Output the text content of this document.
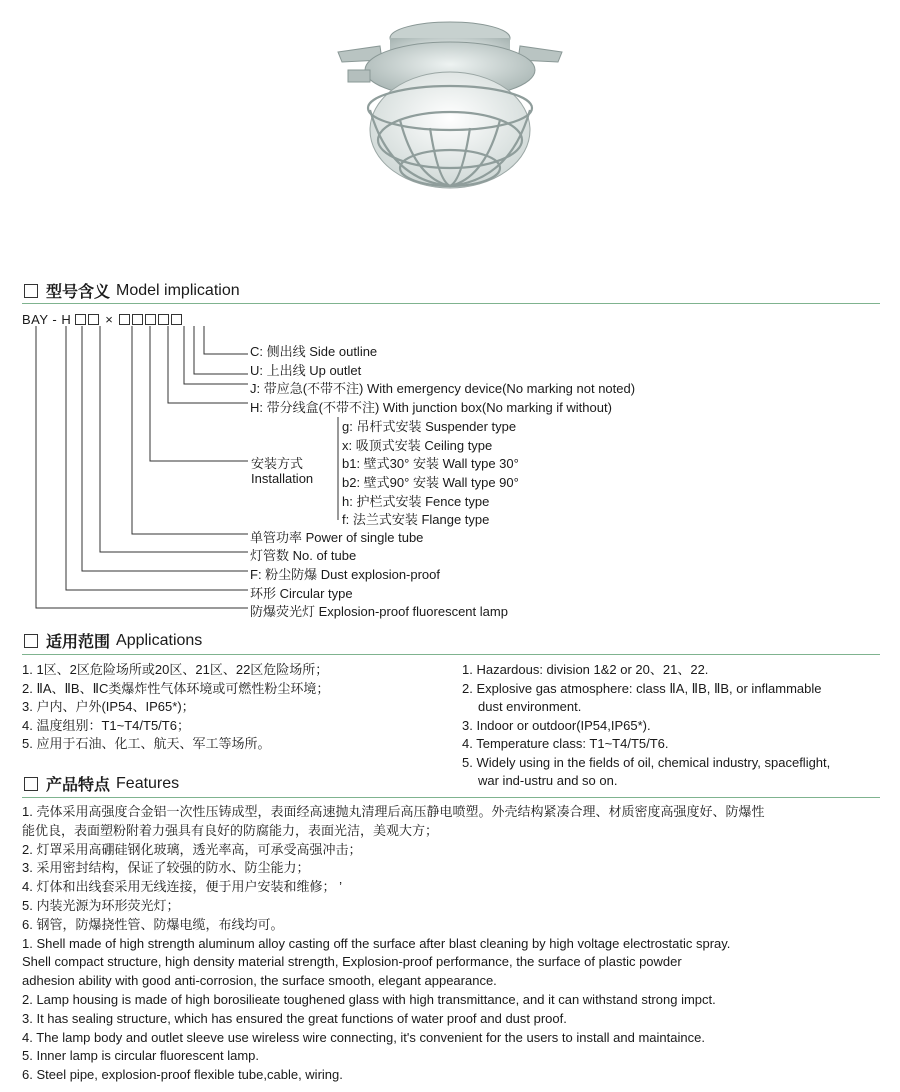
型号含义 Model implication
BAY - H	×
C: 侧出线 Side outline
U: 上出线 Up outlet
J: 带应急(不带不注) With emergency device(No marking not noted)
H: 带分线盒(不带不注) With junction box(No marking if without)
安装方式
Installation
g: 吊杆式安装 Suspender type
x: 吸顶式安装 Ceiling type
b1: 壁式30° 安装 Wall type 30°
b2: 壁式90° 安装 Wall type 90°
h: 护栏式安装 Fence type
f: 法兰式安装 Flange type
单管功率 Power of single tube
灯管数 No. of tube
F: 粉尘防爆 Dust explosion-proof
环形 Circular type
防爆荧光灯 Explosion-proof fluorescent lamp
适用范围 Applications
1. 1区、2区危险场所或20区、21区、22区危险场所；
2. ⅡA、ⅡB、ⅡC类爆炸性气体环境或可燃性粉尘环境；
3. 户内、户外(IP54、IP65*)；
4. 温度组别：T1~T4/T5/T6；
5. 应用于石油、化工、航天、军工等场所。
1. Hazardous: division 1&2 or 20、21、22.
2. Explosive gas atmosphere: class ⅡA, ⅡB, ⅡB, or inflammable
dust environment.
3. Indoor or outdoor(IP54,IP65*).
4. Temperature class: T1~T4/T5/T6.
5. Widely using in the fields of oil, chemical industry, spaceflight,
war ind-ustru and so on.
产品特点 Features
1. 壳体采用高强度合金铝一次性压铸成型，表面经高速抛丸清理后高压静电喷塑。外壳结构紧凑合理、材质密度高强度好、防爆性
能优良，表面塑粉附着力强具有良好的防腐能力，表面光洁，美观大方；
2. 灯罩采用高硼硅钢化玻璃，透光率高，可承受高强冲击；
3. 采用密封结构，保证了较强的防水、防尘能力；
4. 灯体和出线套采用无线连接，便于用户安装和维修； ’
5. 内装光源为环形荧光灯；
6. 钢管，防爆挠性管、防爆电缆，布线均可。
1. Shell made of high strength aluminum alloy casting off the surface after blast cleaning by high voltage electrostatic spray.
Shell compact structure, high density material strength, Explosion-proof performance, the surface of plastic powder
adhesion ability with good anti-corrosion, the surface smooth, elegant appearance.
2. Lamp housing is made of high borosilieate toughened glass with high transmittance, and it can withstand strong impct.
3. It has sealing structure, which has ensured the great functions of water proof and dust proof.
4. The lamp body and outlet sleeve use wireless wire connecting, it's convenient for the users to install and maintaince.
5. Inner lamp is circular fluorescent lamp.
6. Steel pipe, explosion-proof flexible tube,cable, wiring.
